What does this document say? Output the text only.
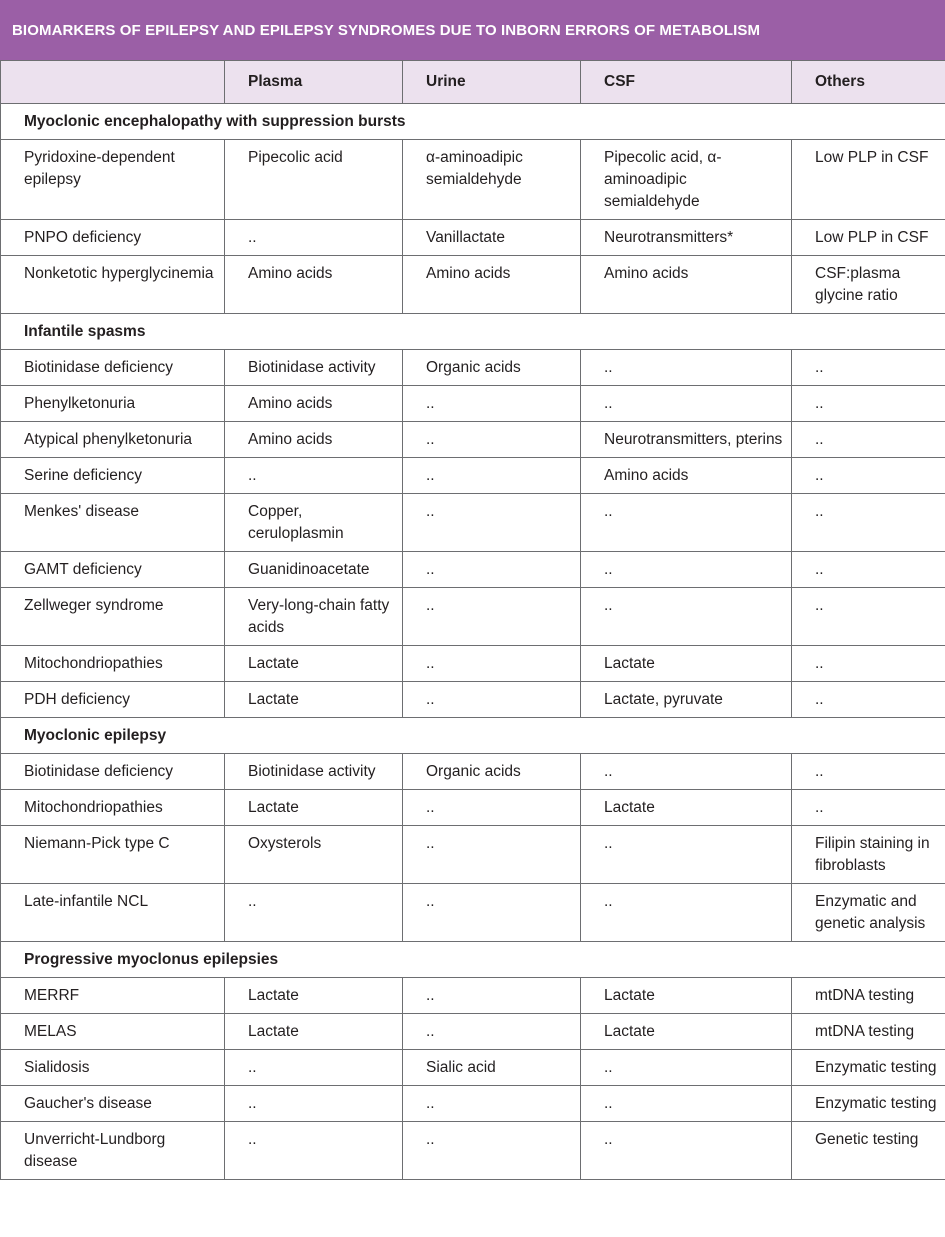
BIOMARKERS OF EPILEPSY AND EPILEPSY SYNDROMES DUE TO INBORN ERRORS OF METABOLISM
	Plasma	Urine	CSF	Others
Myoclonic encephalopathy with suppression bursts				
Pyridoxine-dependent epilepsy	Pipecolic acid	α-aminoadipic semialdehyde	Pipecolic acid, α-aminoadipic semialdehyde	Low PLP in CSF
PNPO deficiency	..	Vanillactate	Neurotransmitters*	Low PLP in CSF
Nonketotic hyperglycinemia	Amino acids	Amino acids	Amino acids	CSF:plasma glycine ratio
Infantile spasms				
Biotinidase deficiency	Biotinidase activity	Organic acids	..	..
Phenylketonuria	Amino acids	..	..	..
Atypical phenylketonuria	Amino acids	..	Neurotransmitters, pterins	..
Serine deficiency	..	..	Amino acids	..
Menkes' disease	Copper, ceruloplasmin	..	..	..
GAMT deficiency	Guanidinoacetate	..	..	..
Zellweger syndrome	Very-long-chain fatty acids	..	..	..
Mitochondriopathies	Lactate	..	Lactate	..
PDH deficiency	Lactate	..	Lactate, pyruvate	..
Myoclonic epilepsy				
Biotinidase deficiency	Biotinidase activity	Organic acids	..	..
Mitochondriopathies	Lactate	..	Lactate	..
Niemann-Pick type C	Oxysterols	..	..	Filipin staining in fibroblasts
Late-infantile NCL	..	..	..	Enzymatic and genetic analysis
Progressive myoclonus epilepsies				
MERRF	Lactate	..	Lactate	mtDNA testing
MELAS	Lactate	..	Lactate	mtDNA testing
Sialidosis	..	Sialic acid	..	Enzymatic testing
Gaucher's disease	..	..	..	Enzymatic testing
Unverricht-Lundborg disease	..	..	..	Genetic testing
